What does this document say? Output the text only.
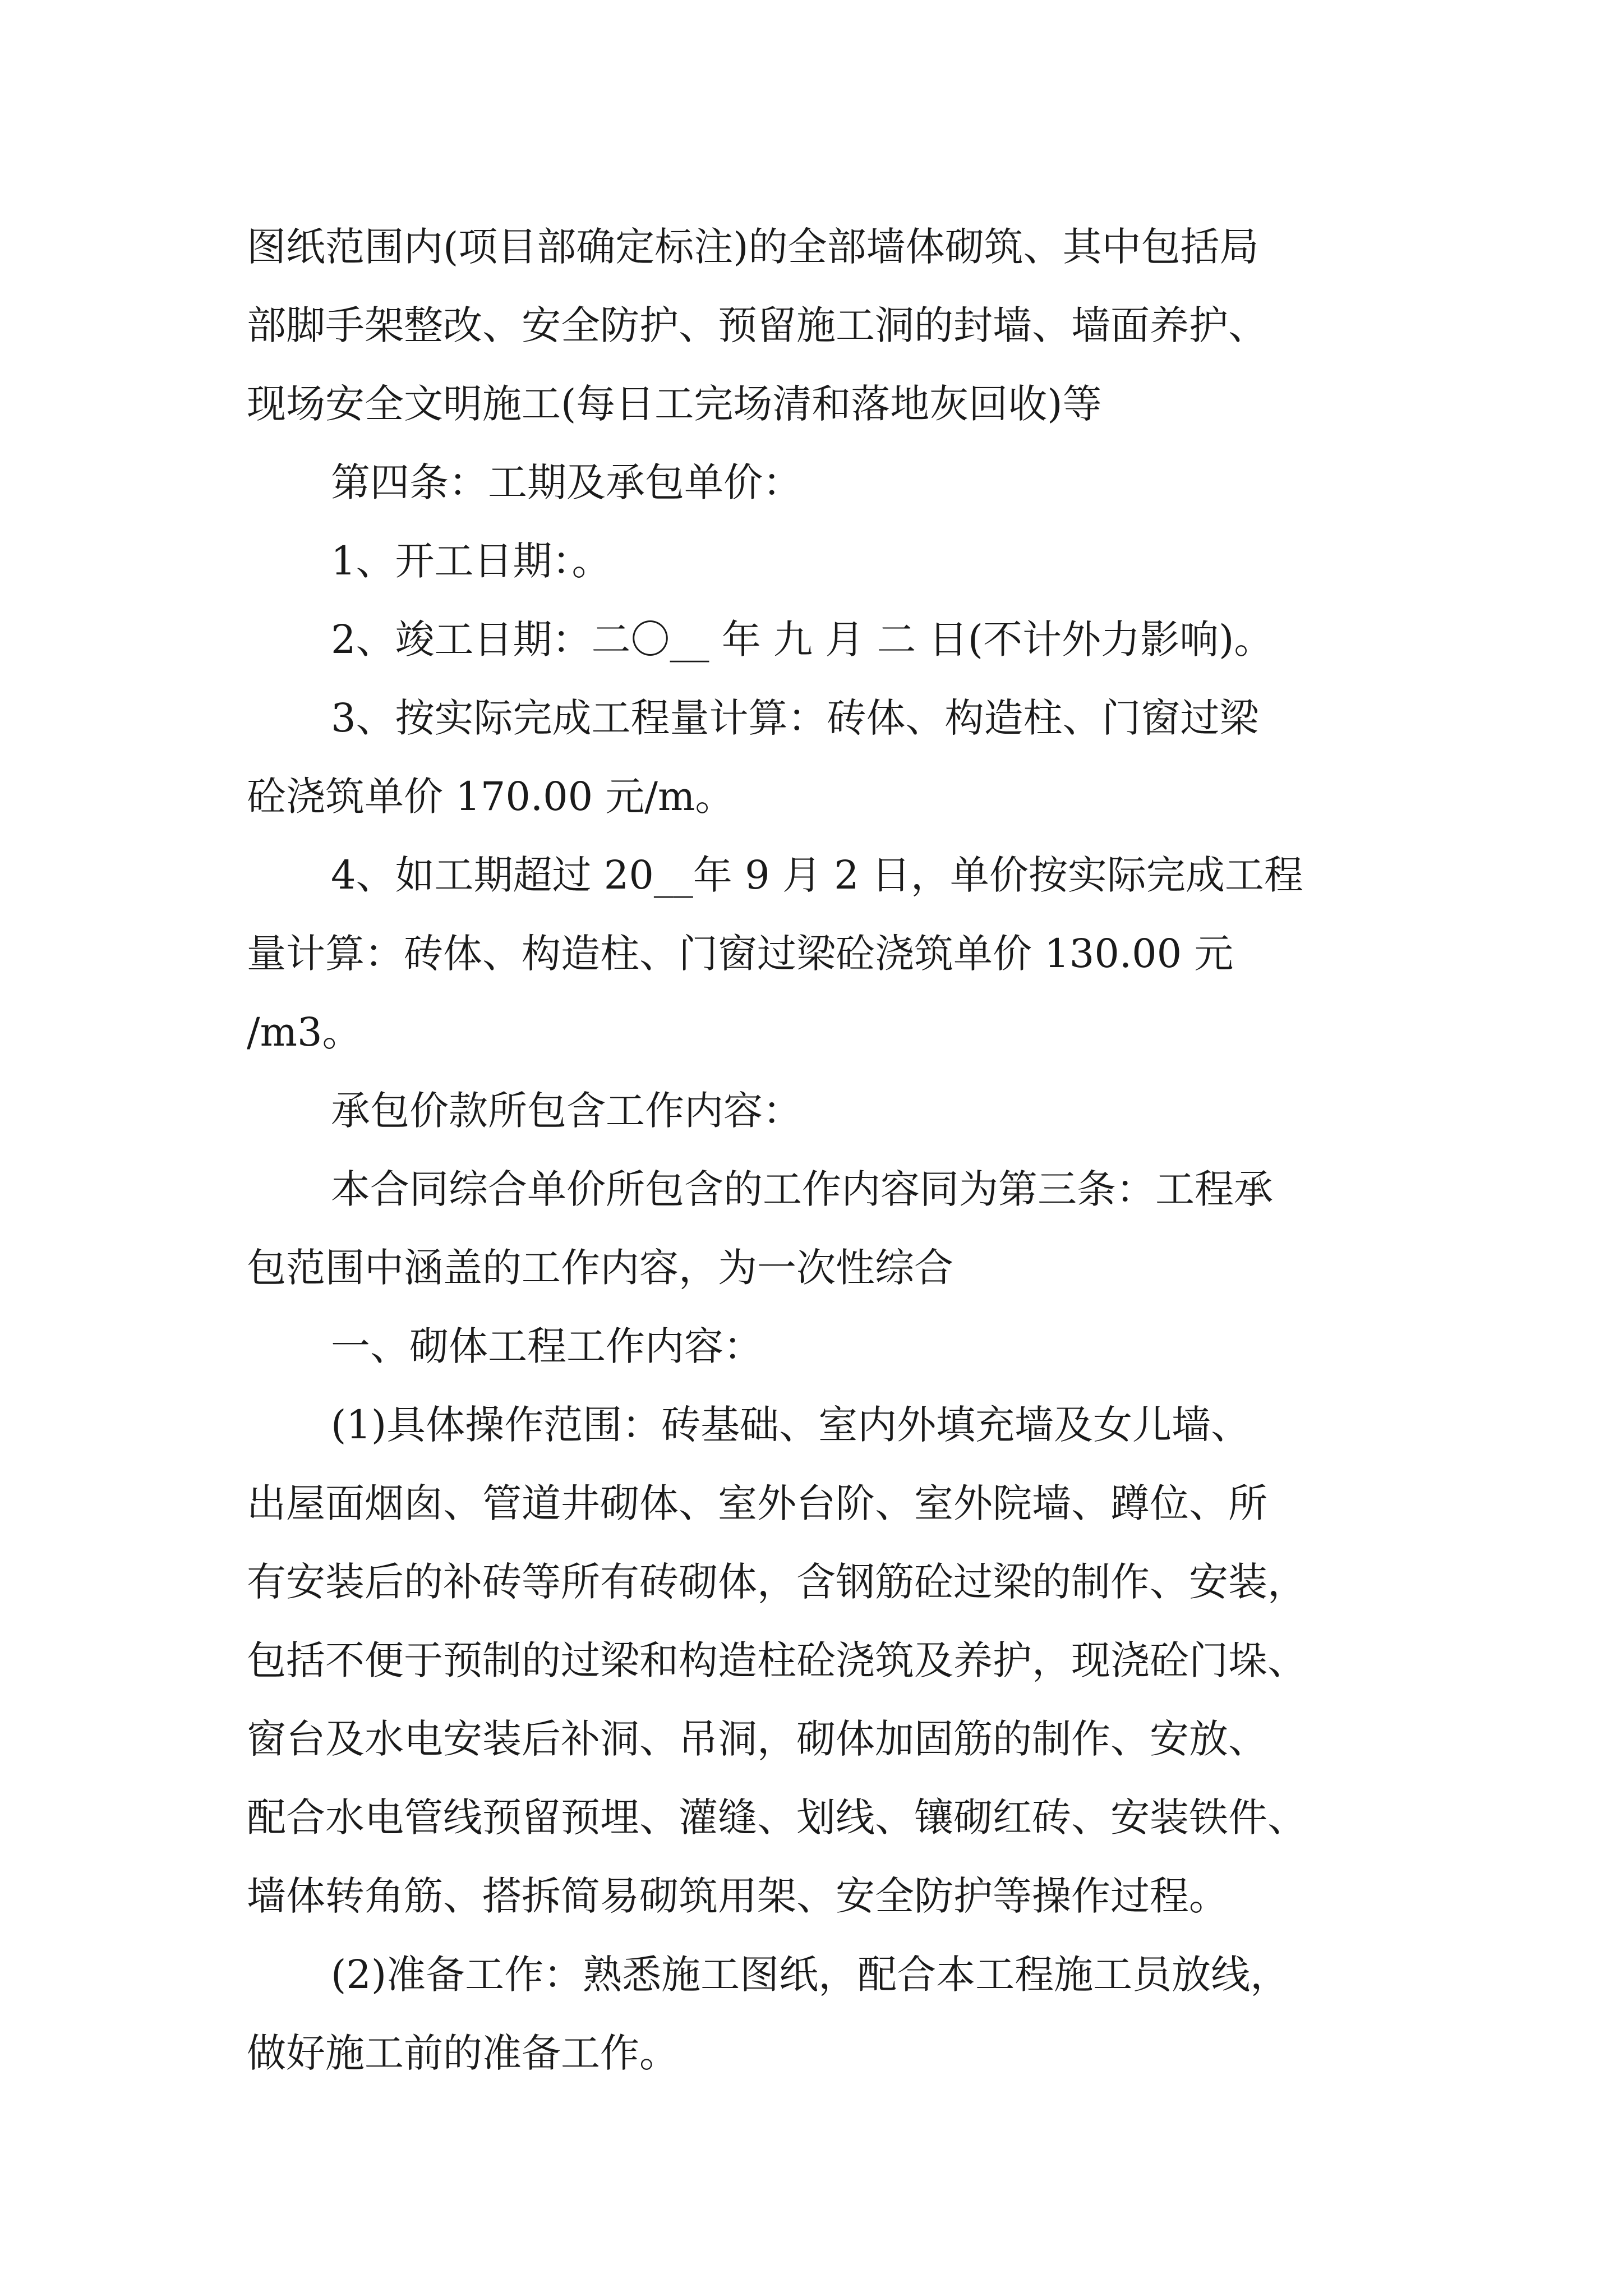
图纸范围内(项目部确定标注)的全部墙体砌筑、其中包括局
部脚手架整改、安全防护、预留施工洞的封墙、墙面养护、
现场安全文明施工(每日工完场清和落地灰回收)等
第四条：工期及承包单价：
1、开工日期：。
2、竣工日期：二〇__ 年 九 月 二 日(不计外力影响)。
3、按实际完成工程量计算：砖体、构造柱、门窗过梁
砼浇筑单价 170.00 元/m。
4、如工期超过 20__年 9 月 2 日，单价按实际完成工程
量计算：砖体、构造柱、门窗过梁砼浇筑单价 130.00 元
/m3。
承包价款所包含工作内容：
本合同综合单价所包含的工作内容同为第三条：工程承
包范围中涵盖的工作内容，为一次性综合
一、砌体工程工作内容：
(1)具体操作范围：砖基础、室内外填充墙及女儿墙、
出屋面烟囱、管道井砌体、室外台阶、室外院墙、蹲位、所
有安装后的补砖等所有砖砌体，含钢筋砼过梁的制作、安装，
包括不便于预制的过梁和构造柱砼浇筑及养护，现浇砼门垛、
窗台及水电安装后补洞、吊洞，砌体加固筋的制作、安放、
配合水电管线预留预埋、灌缝、划线、镶砌红砖、安装铁件、
墙体转角筋、搭拆简易砌筑用架、安全防护等操作过程。
(2)准备工作：熟悉施工图纸，配合本工程施工员放线，
做好施工前的准备工作。
